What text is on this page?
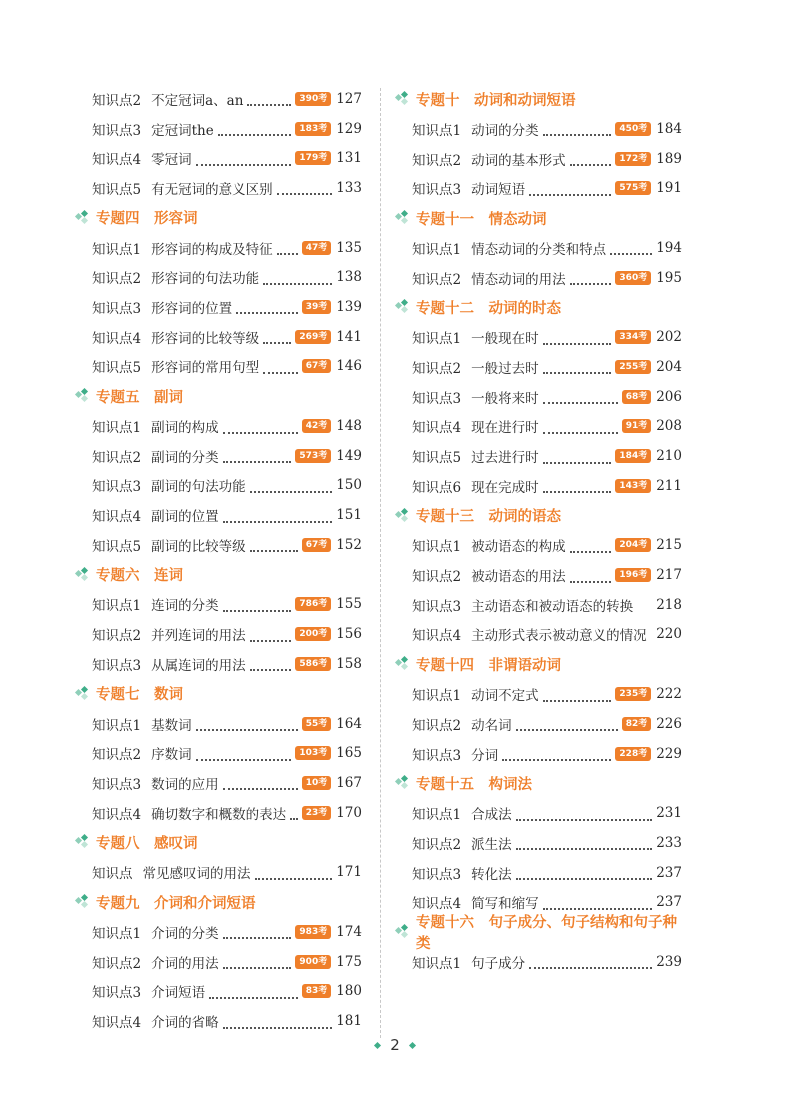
知识点2 不定冠词a、an	390考 127
知识点3 定冠词the	183考 129
知识点4 零冠词	179考 131
知识点5 有无冠词的意义区别	133
专题四　形容词
知识点1 形容词的构成及特征	47考 135
知识点2 形容词的句法功能	138
知识点3 形容词的位置	39考 139
知识点4 形容词的比较等级	269考 141
知识点5 形容词的常用句型	67考 146
专题五　副词
知识点1 副词的构成	42考 148
知识点2 副词的分类	573考 149
知识点3 副词的句法功能	150
知识点4 副词的位置	151
知识点5 副词的比较等级	67考 152
专题六　连词
知识点1 连词的分类	786考 155
知识点2 并列连词的用法	200考 156
知识点3 从属连词的用法	586考 158
专题七　数词
知识点1 基数词	55考 164
知识点2 序数词	103考 165
知识点3 数词的应用	10考 167
知识点4 确切数字和概数的表达	23考 170
专题八　感叹词
知识点 常见感叹词的用法	171
专题九　介词和介词短语
知识点1 介词的分类	983考 174
知识点2 介词的用法	900考 175
知识点3 介词短语	83考 180
知识点4 介词的省略	181
专题十　动词和动词短语
知识点1 动词的分类	450考 184
知识点2 动词的基本形式	172考 189
知识点3 动词短语	575考 191
专题十一　情态动词
知识点1 情态动词的分类和特点	194
知识点2 情态动词的用法	360考 195
专题十二　动词的时态
知识点1 一般现在时	334考 202
知识点2 一般过去时	255考 204
知识点3 一般将来时	68考 206
知识点4 现在进行时	91考 208
知识点5 过去进行时	184考 210
知识点6 现在完成时	143考 211
专题十三　动词的语态
知识点1 被动语态的构成	204考 215
知识点2 被动语态的用法	196考 217
知识点3 主动语态和被动语态的转换 218
知识点4 主动形式表示被动意义的情况 220
专题十四　非谓语动词
知识点1 动词不定式	235考 222
知识点2 动名词	82考 226
知识点3 分词	228考 229
专题十五　构词法
知识点1 合成法	231
知识点2 派生法	233
知识点3 转化法	237
知识点4 简写和缩写	237
专题十六　句子成分、句子结构和句子种类
知识点1 句子成分	239
2
